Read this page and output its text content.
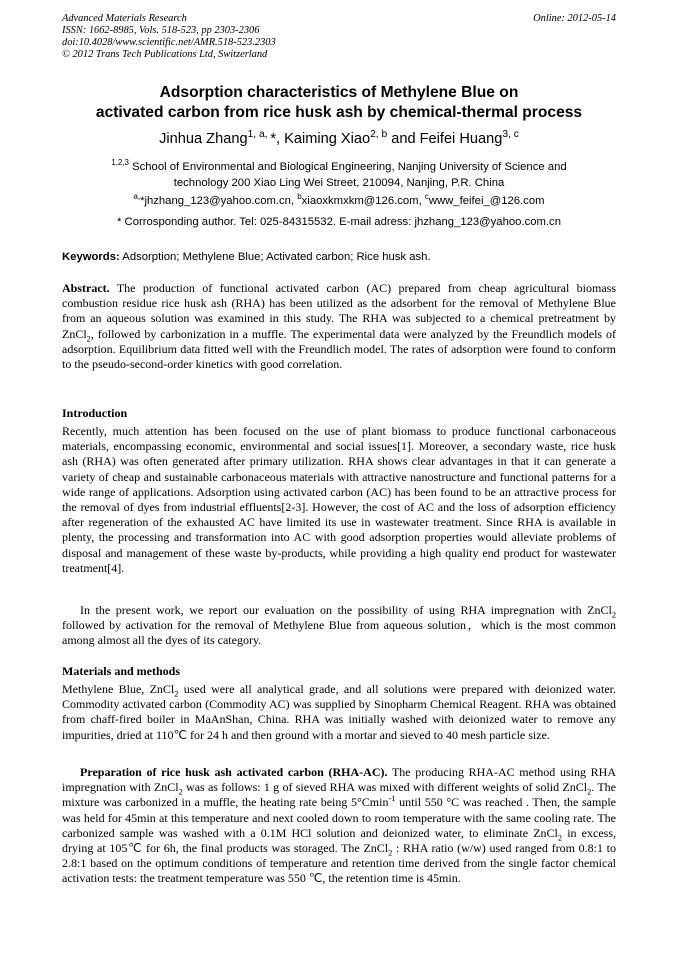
Advanced Materials Research
ISSN: 1662-8985, Vols. 518-523, pp 2303-2306
doi:10.4028/www.scientific.net/AMR.518-523.2303
© 2012 Trans Tech Publications Ltd, Switzerland
Online: 2012-05-14
Adsorption characteristics of Methylene Blue on
activated carbon from rice husk ash by chemical-thermal process
Jinhua Zhang$^{1, a,}$ *, Kaiming Xiao$^{2, b}$ and Feifei Huang$^{3, c}$
$^{1,2,3}$ School of Environmental and Biological Engineering, Nanjing University of Science and
technology 200 Xiao Ling Wei Street, 210094, Nanjing, P.R. China
$^{a,}$*jhzhang_123@yahoo.com.cn, $^b$xiaoxkmxkm@126.com, $^c$www_feifei_@126.com
* Corrosponding author. Tel: 025-84315532. E-mail adress: jhzhang_123@yahoo.com.cn
Keywords: Adsorption; Methylene Blue; Activated carbon; Rice husk ash.
Abstract. The production of functional activated carbon (AC) prepared from cheap agricultural biomass combustion residue rice husk ash (RHA) has been utilized as the adsorbent for the removal of Methylene Blue from an aqueous solution was examined in this study. The RHA was subjected to a chemical pretreatment by ZnCl$_2$, followed by carbonization in a muffle. The experimental data were analyzed by the Freundlich models of adsorption. Equilibrium data fitted well with the Freundlich model. The rates of adsorption were found to conform to the pseudo-second-order kinetics with good correlation.
Introduction
Recently, much attention has been focused on the use of plant biomass to produce functional carbonaceous materials, encompassing economic, environmental and social issues[1]. Moreover, a secondary waste, rice husk ash (RHA) was often generated after primary utilization. RHA shows clear advantages in that it can generate a variety of cheap and sustainable carbonaceous materials with attractive nanostructure and functional patterns for a wide range of applications. Adsorption using activated carbon (AC) has been found to be an attractive process for the removal of dyes from industrial effluents[2-3]. However, the cost of AC and the loss of adsorption efficiency after regeneration of the exhausted AC have limited its use in wastewater treatment. Since RHA is available in plenty, the processing and transformation into AC with good adsorption properties would alleviate problems of disposal and management of these waste by-products, while providing a high quality end product for wastewater treatment[4].
In the present work, we report our evaluation on the possibility of using RHA impregnation with ZnCl$_2$ followed by activation for the removal of Methylene Blue from aqueous solution，which is the most common among almost all the dyes of its category.
Materials and methods
Methylene Blue, ZnCl$_2$ used were all analytical grade, and all solutions were prepared with deionized water. Commodity activated carbon (Commodity AC) was supplied by Sinopharm Chemical Reagent. RHA was obtained from chaff-fired boiler in MaAnShan, China. RHA was initially washed with deionized water to remove any impurities, dried at 110℃ for 24 h and then ground with a mortar and sieved to 40 mesh particle size.
Preparation of rice husk ash activated carbon (RHA-AC). The producing RHA-AC method using RHA impregnation with ZnCl$_2$ was as follows: 1 g of sieved RHA was mixed with different weights of solid ZnCl$_2$. The mixture was carbonized in a muffle, the heating rate being 5°Cmin$^{-1}$ until 550 °C was reached . Then, the sample was held for 45min at this temperature and next cooled down to room temperature with the same cooling rate. The carbonized sample was washed with a 0.1M HCl solution and deionized water, to eliminate ZnCl$_2$ in excess, drying at 105℃ for 6h, the final products was storaged. The ZnCl$_2$ : RHA ratio (w/w) used ranged from 0.8:1 to 2.8:1 based on the optimum conditions of temperature and retention time derived from the single factor chemical activation tests: the treatment temperature was 550 ℃, the retention time is 45min.
